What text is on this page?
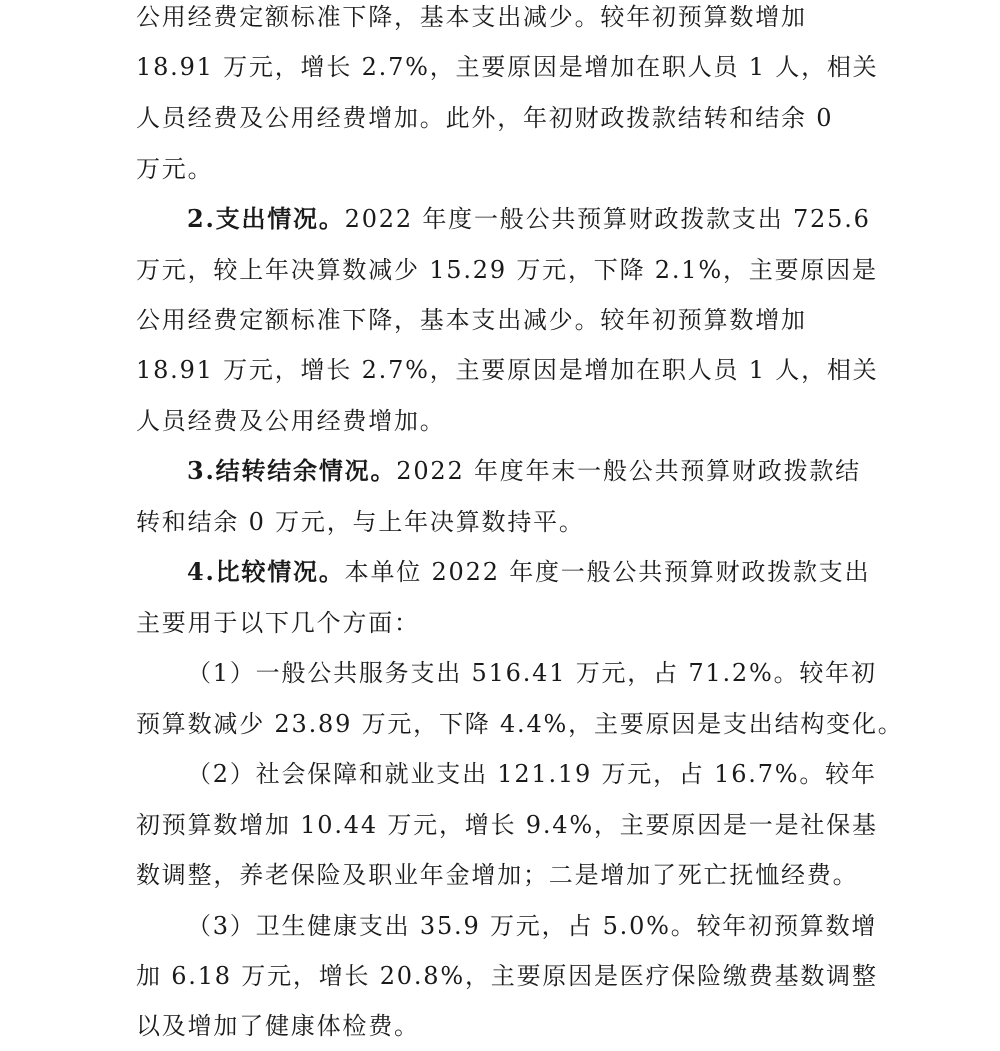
公用经费定额标准下降，基本支出减少。较年初预算数增加
18.91 万元，增长 2.7%，主要原因是增加在职人员 1 人，相关
人员经费及公用经费增加。此外，年初财政拨款结转和结余 0
万元。
2.支出情况。2022 年度一般公共预算财政拨款支出 725.6
万元，较上年决算数减少 15.29 万元，下降 2.1%，主要原因是
公用经费定额标准下降，基本支出减少。较年初预算数增加
18.91 万元，增长 2.7%，主要原因是增加在职人员 1 人，相关
人员经费及公用经费增加。
3.结转结余情况。2022 年度年末一般公共预算财政拨款结
转和结余 0 万元，与上年决算数持平。
4.比较情况。本单位 2022 年度一般公共预算财政拨款支出
主要用于以下几个方面：
（1）一般公共服务支出 516.41 万元，占 71.2%。较年初
预算数减少 23.89 万元，下降 4.4%，主要原因是支出结构变化。
（2）社会保障和就业支出 121.19 万元，占 16.7%。较年
初预算数增加 10.44 万元，增长 9.4%，主要原因是一是社保基
数调整，养老保险及职业年金增加；二是增加了死亡抚恤经费。
（3）卫生健康支出 35.9 万元，占 5.0%。较年初预算数增
加 6.18 万元，增长 20.8%，主要原因是医疗保险缴费基数调整
以及增加了健康体检费。
